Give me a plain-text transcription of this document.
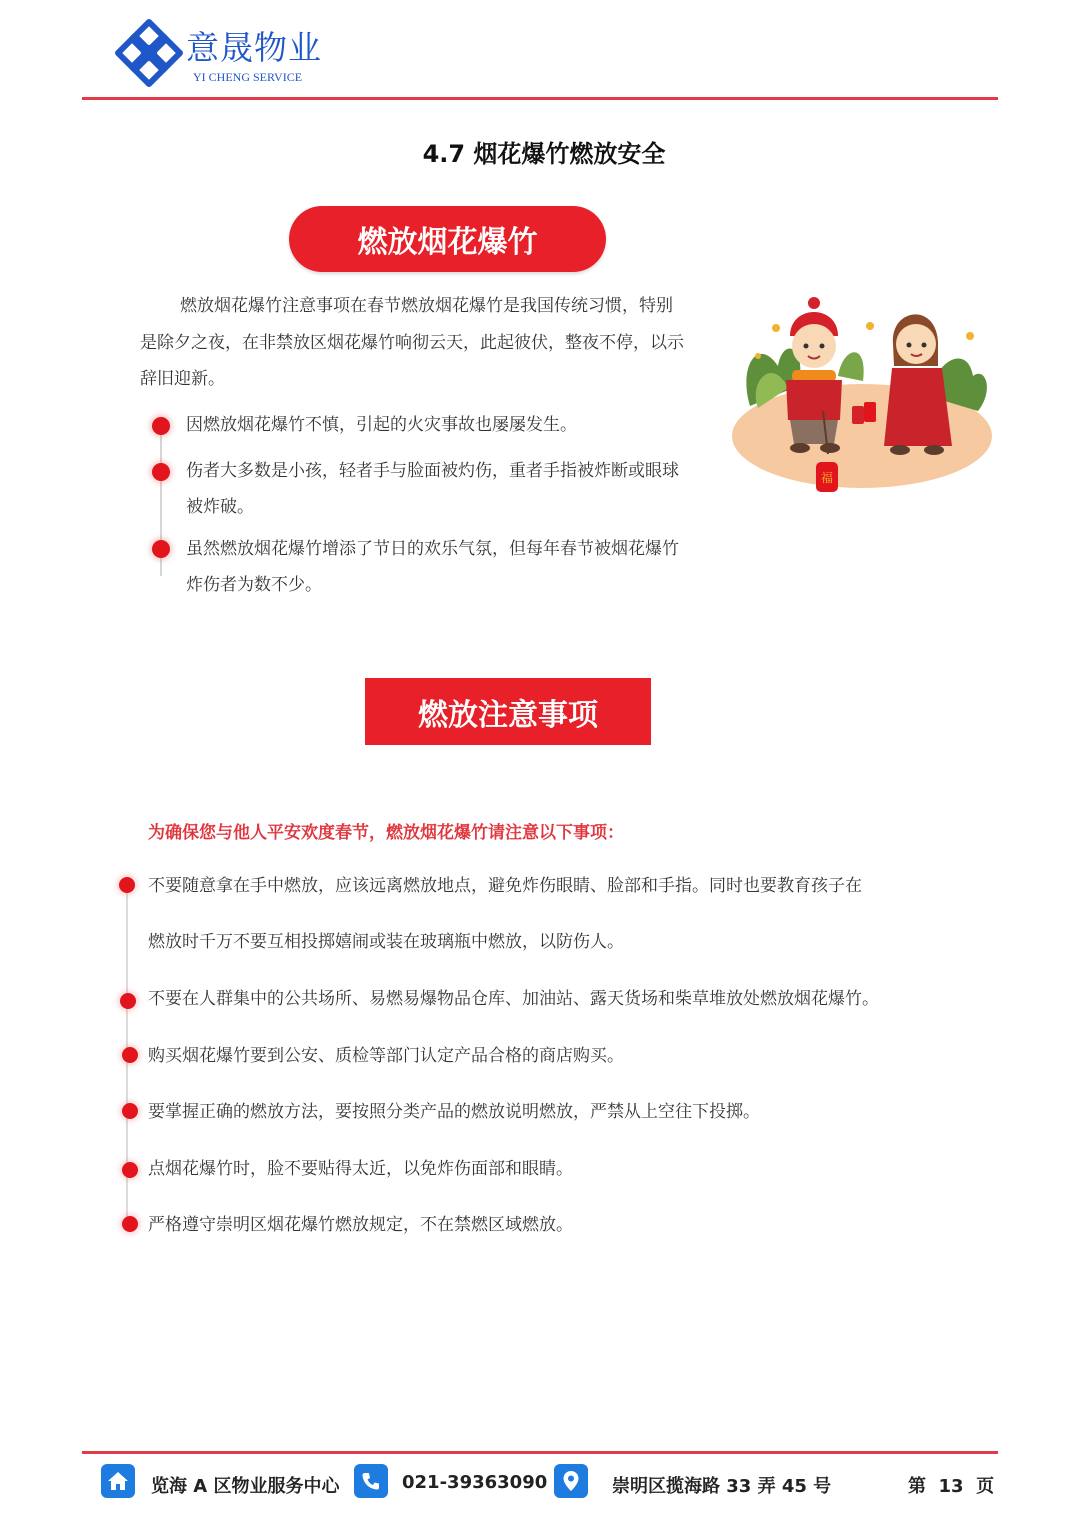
意晟物业
YI CHENG SERVICE
4.7 烟花爆竹燃放安全
燃放烟花爆竹
燃放烟花爆竹注意事项在春节燃放烟花爆竹是我国传统习惯，特别是除夕之夜，在非禁放区烟花爆竹响彻云天，此起彼伏，整夜不停，以示辞旧迎新。
因燃放烟花爆竹不慎，引起的火灾事故也屡屡发生。
伤者大多数是小孩，轻者手与脸面被灼伤，重者手指被炸断或眼球被炸破。
虽然燃放烟花爆竹增添了节日的欢乐气氛，但每年春节被烟花爆竹炸伤者为数不少。
福
燃放注意事项
为确保您与他人平安欢度春节，燃放烟花爆竹请注意以下事项：
不要随意拿在手中燃放，应该远离燃放地点，避免炸伤眼睛、脸部和手指。同时也要教育孩子在
燃放时千万不要互相投掷嬉闹或装在玻璃瓶中燃放，以防伤人。
不要在人群集中的公共场所、易燃易爆物品仓库、加油站、露天货场和柴草堆放处燃放烟花爆竹。
购买烟花爆竹要到公安、质检等部门认定产品合格的商店购买。
要掌握正确的燃放方法，要按照分类产品的燃放说明燃放，严禁从上空往下投掷。
点烟花爆竹时，脸不要贴得太近，以免炸伤面部和眼睛。
严格遵守崇明区烟花爆竹燃放规定，不在禁燃区域燃放。
览海 A 区物业服务中心	021-39363090	崇明区揽海路 33 弄 45 号	第  13  页
